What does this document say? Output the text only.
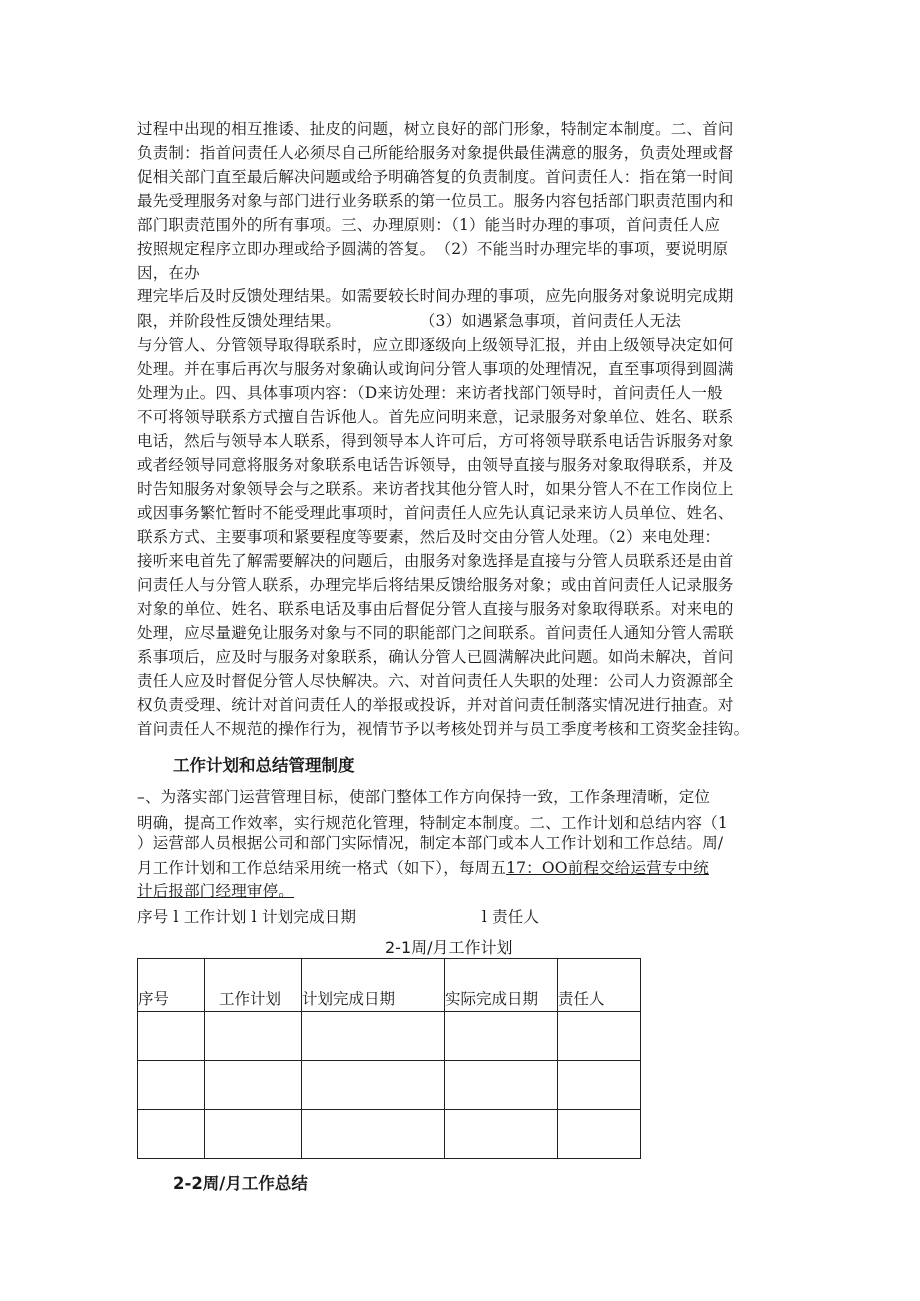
过程中出现的相互推诿、扯皮的问题，树立良好的部门形象，特制定本制度。二、首问
负责制：指首问责任人必须尽自己所能给服务对象提供最佳满意的服务，负责处理或督
促相关部门直至最后解决问题或给予明确答复的负责制度。首问责任人：指在第一时间
最先受理服务对象与部门进行业务联系的第一位员工。服务内容包括部门职责范围内和
部门职责范围外的所有事项。三、办理原则：（1）能当时办理的事项，首问责任人应
按照规定程序立即办理或给予圆满的答复。　（2）不能当时办理完毕的事项，要说明原
因，在办
理完毕后及时反馈处理结果。如需要较长时间办理的事项，应先向服务对象说明完成期
限，并阶段性反馈处理结果。　　　　　　（3）如遇紧急事项，首问责任人无法
与分管人、分管领导取得联系时，应立即逐级向上级领导汇报，并由上级领导决定如何
处理。并在事后再次与服务对象确认或询问分管人事项的处理情况，直至事项得到圆满
处理为止。四、具体事项内容：（D来访处理：来访者找部门领导时，首问责任人一般
不可将领导联系方式擅自告诉他人。首先应问明来意，记录服务对象单位、姓名、联系
电话，然后与领导本人联系，得到领导本人许可后，方可将领导联系电话告诉服务对象
或者经领导同意将服务对象联系电话告诉领导，由领导直接与服务对象取得联系，并及
时告知服务对象领导会与之联系。来访者找其他分管人时，如果分管人不在工作岗位上
或因事务繁忙暂时不能受理此事项时，首问责任人应先认真记录来访人员单位、姓名、
联系方式、主要事项和紧要程度等要素，然后及时交由分管人处理。（2）来电处理：
接听来电首先了解需要解决的问题后，由服务对象选择是直接与分管人员联系还是由首
问责任人与分管人联系，办理完毕后将结果反馈给服务对象；或由首问责任人记录服务
对象的单位、姓名、联系电话及事由后督促分管人直接与服务对象取得联系。对来电的
处理，应尽量避免让服务对象与不同的职能部门之间联系。首问责任人通知分管人需联
系事项后，应及时与服务对象联系，确认分管人已圆满解决此问题。如尚未解决，首问
责任人应及时督促分管人尽快解决。六、对首问责任人失职的处理：公司人力资源部全
权负责受理、统计对首问责任人的举报或投诉，并对首问责任制落实情况进行抽查。对
首问责任人不规范的操作行为，视情节予以考核处罚并与员工季度考核和工资奖金挂钩。
工作计划和总结管理制度
–、为落实部门运营管理目标，使部门整体工作方向保持一致，工作条理清晰，定位
明确，提高工作效率，实行规范化管理，特制定本制度。二、工作计划和总结内容（1
）运营部人员根据公司和部门实际情况，制定本部门或本人工作计划和工作总结。周/
月工作计划和工作总结采用统一格式（如下），每周五17：OO前程交给运营专中统
计后报部门经理审停。
序号 l 工作计划 l 计划完成日期　　　　　　　　l 责任人
2-1周/月工作计划
序号	工作计划	计划完成日期	实际完成日期	责任人

2-2周/月工作总结
